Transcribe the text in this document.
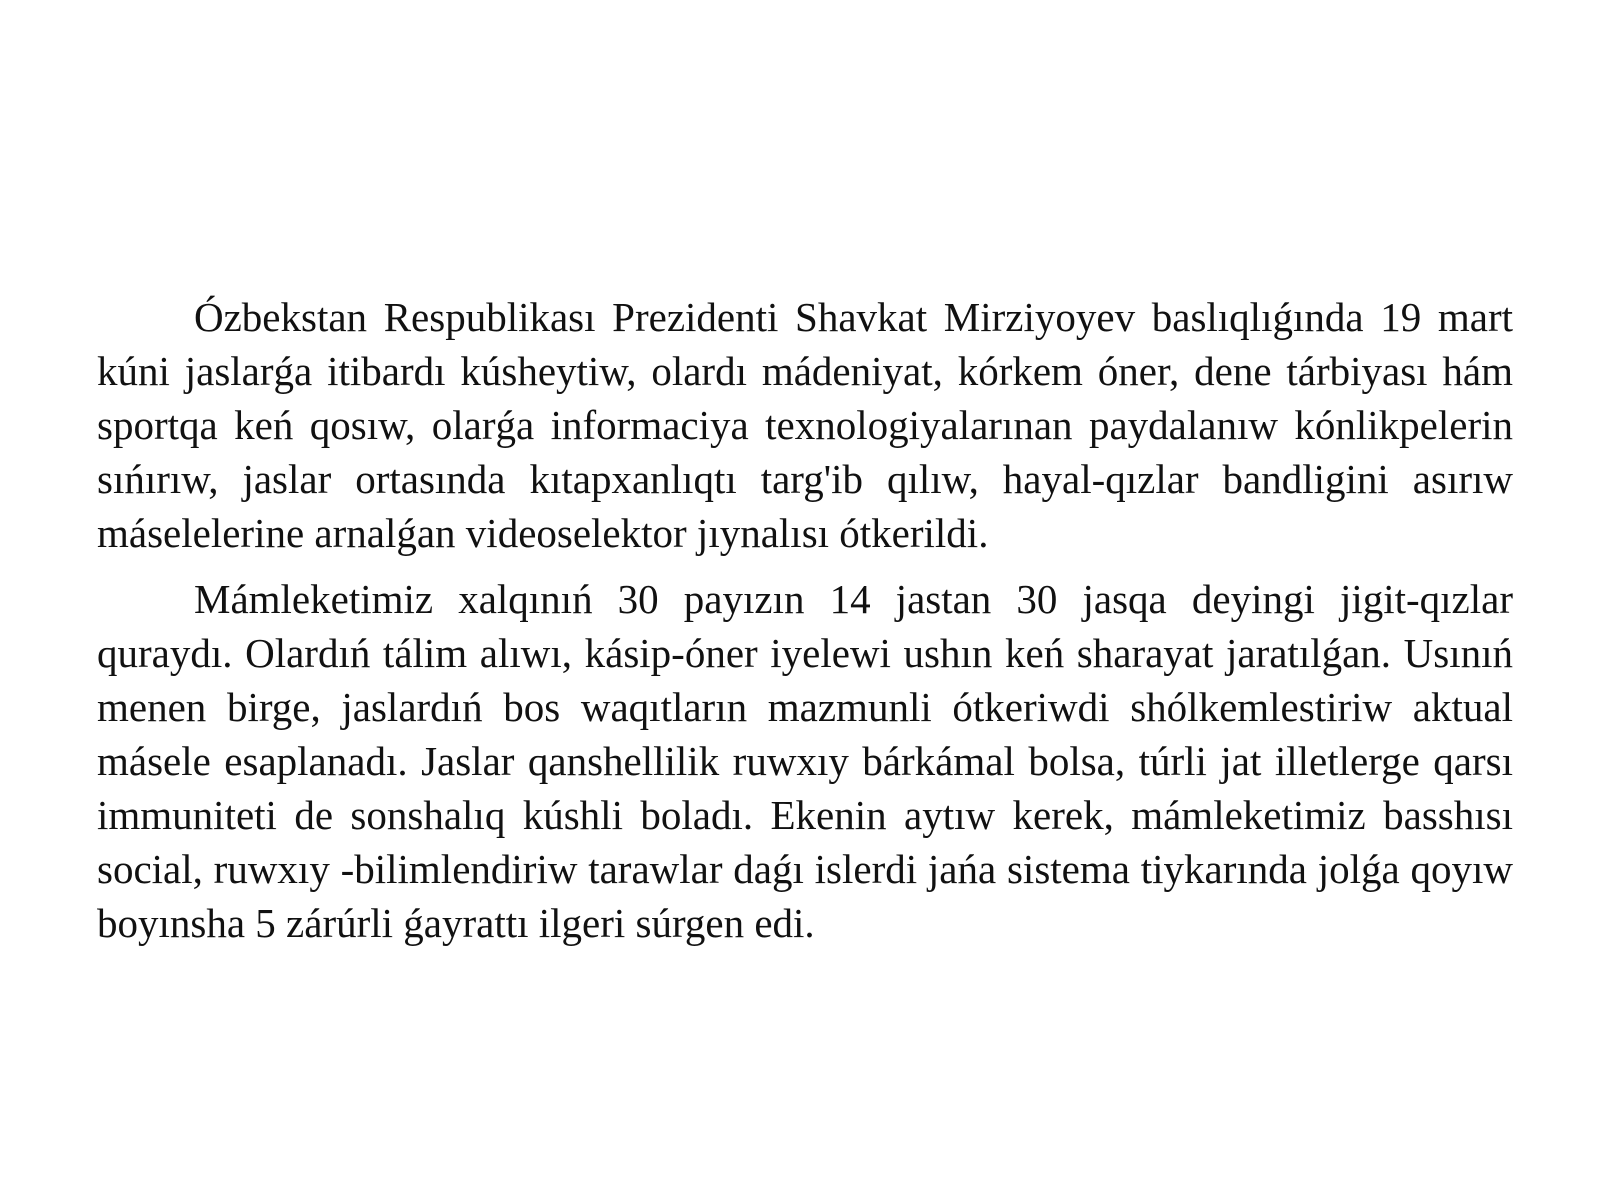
Ózbekstan Respublikası Prezidenti Shavkat Mirziyoyev baslıqlıǵında 19 mart kúni jaslarǵa itibardı kúsheytiw, olardı mádeniyat, kórkem óner, dene tárbiyası hám sportqa keń qosıw, olarǵa informaciya texnologiyalarınan paydalanıw kónlikpelerin sıńırıw, jaslar ortasında kıtapxanlıqtı targ'ib qılıw, hayal-qızlar bandligini asırıw máselelerine arnalǵan videoselektor jıynalısı ótkerildi.

Mámleketimiz xalqınıń 30 payızın 14 jastan 30 jasqa deyingi jigit-qızlar quraydı. Olardıń tálim alıwı, kásip-óner iyelewi ushın keń sharayat jaratılǵan. Usınıń menen birge, jaslardıń bos waqıtların mazmunli ótkeriwdi shólkemlestiriw aktual másele esaplanadı. Jaslar qanshellilik ruwxıy bárkámal bolsa, túrli jat illetlerge qarsı immuniteti de sonshalıq kúshli boladı. Ekenin aytıw kerek, mámleketimiz basshısı social, ruwxıy -bilimlendiriw tarawlar daǵı islerdi jańa sistema tiykarında jolǵa qoyıw boyınsha 5 zárúrli ǵayrattı ilgeri súrgen edi.
